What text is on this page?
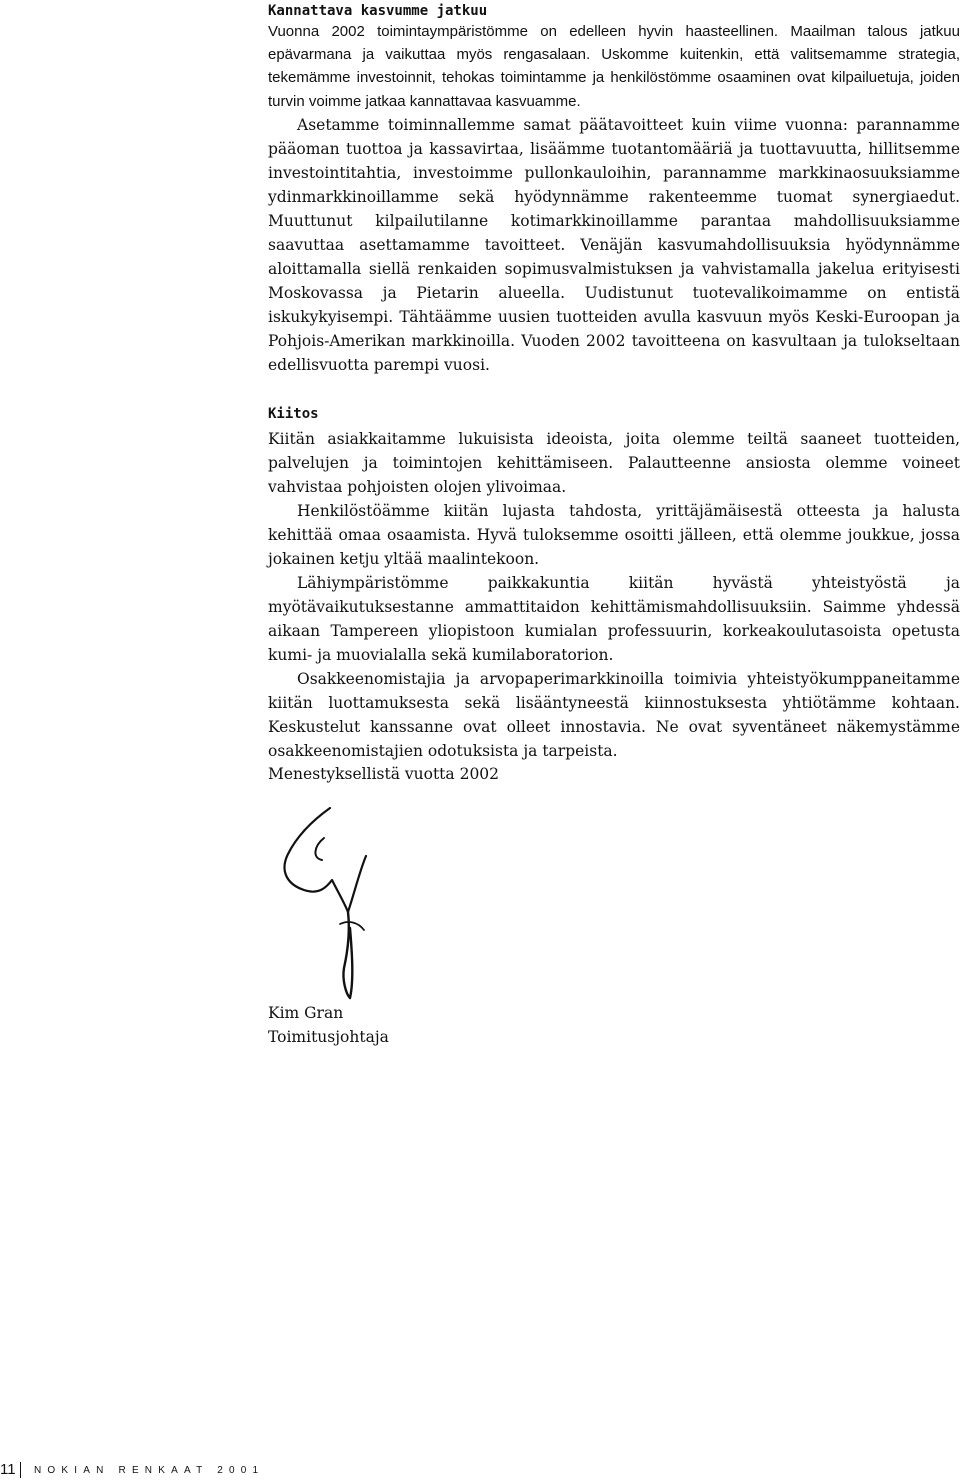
Kannattava kasvumme jatkuu

Vuonna 2002 toimintaympäristömme on edelleen hyvin haasteellinen. Maailman talous jatkuu epävarmana ja vaikuttaa myös rengasalaan. Uskomme kuitenkin, että valitsemamme strategia, tekemämme investoinnit, tehokas toimintamme ja henkilöstömme osaaminen ovat kilpailuetuja, joiden turvin voimme jatkaa kannattavaa kasvuamme.

Asetamme toiminnallemme samat päätavoitteet kuin viime vuonna: parannamme pääoman tuottoa ja kassavirtaa, lisäämme tuotantomääriä ja tuottavuutta, hillitsemme investointitahtia, investoimme pullonkauloihin, parannamme markkinaosuuksiamme ydinmarkkinoillamme sekä hyödynnämme rakenteemme tuomat synergiaedut. Muuttunut kilpailutilanne kotimarkkinoillamme parantaa mahdollisuuksiamme saavuttaa asettamamme tavoitteet. Venäjän kasvumahdollisuuksia hyödynnämme aloittamalla siellä renkaiden sopimusvalmistuksen ja vahvistamalla jakelua erityisesti Moskovassa ja Pietarin alueella. Uudistunut tuotevalikoimamme on entistä iskukykyisempi. Tähtäämme uusien tuotteiden avulla kasvuun myös Keski-Euroopan ja Pohjois-Amerikan markkinoilla. Vuoden 2002 tavoitteena on kasvultaan ja tulokseltaan edellisvuotta parempi vuosi.

Kiitos

Kiitän asiakkaitamme lukuisista ideoista, joita olemme teiltä saaneet tuotteiden, palvelujen ja toimintojen kehittämiseen. Palautteenne ansiosta olemme voineet vahvistaa pohjoisten olojen ylivoimaa.

Henkilöstöämme kiitän lujasta tahdosta, yrittäjämäisestä otteesta ja halusta kehittää omaa osaamista. Hyvä tuloksemme osoitti jälleen, että olemme joukkue, jossa jokainen ketju yltää maalintekoon.

Lähiympäristömme paikkakuntia kiitän hyvästä yhteistyöstä ja myötävaikutuksestanne ammattitaidon kehittämismahdollisuuksiin. Saimme yhdessä aikaan Tampereen yliopistoon kumialan professuurin, korkeakoulutasoista opetusta kumi- ja muovialalla sekä kumilaboratorion.

Osakkeenomistajia ja arvopaperimarkkinoilla toimivia yhteistyökumppaneitamme kiitän luottamuksesta sekä lisääntyneestä kiinnostuksesta yhtiötämme kohtaan. Keskustelut kanssanne ovat olleet innostavia. Ne ovat syventäneet näkemystämme osakkeenomistajien odotuksista ja tarpeista.

Menestyksellistä vuotta 2002
Kim Gran
Toimitusjohtaja
11 NOKIAN RENKAAT 2001
